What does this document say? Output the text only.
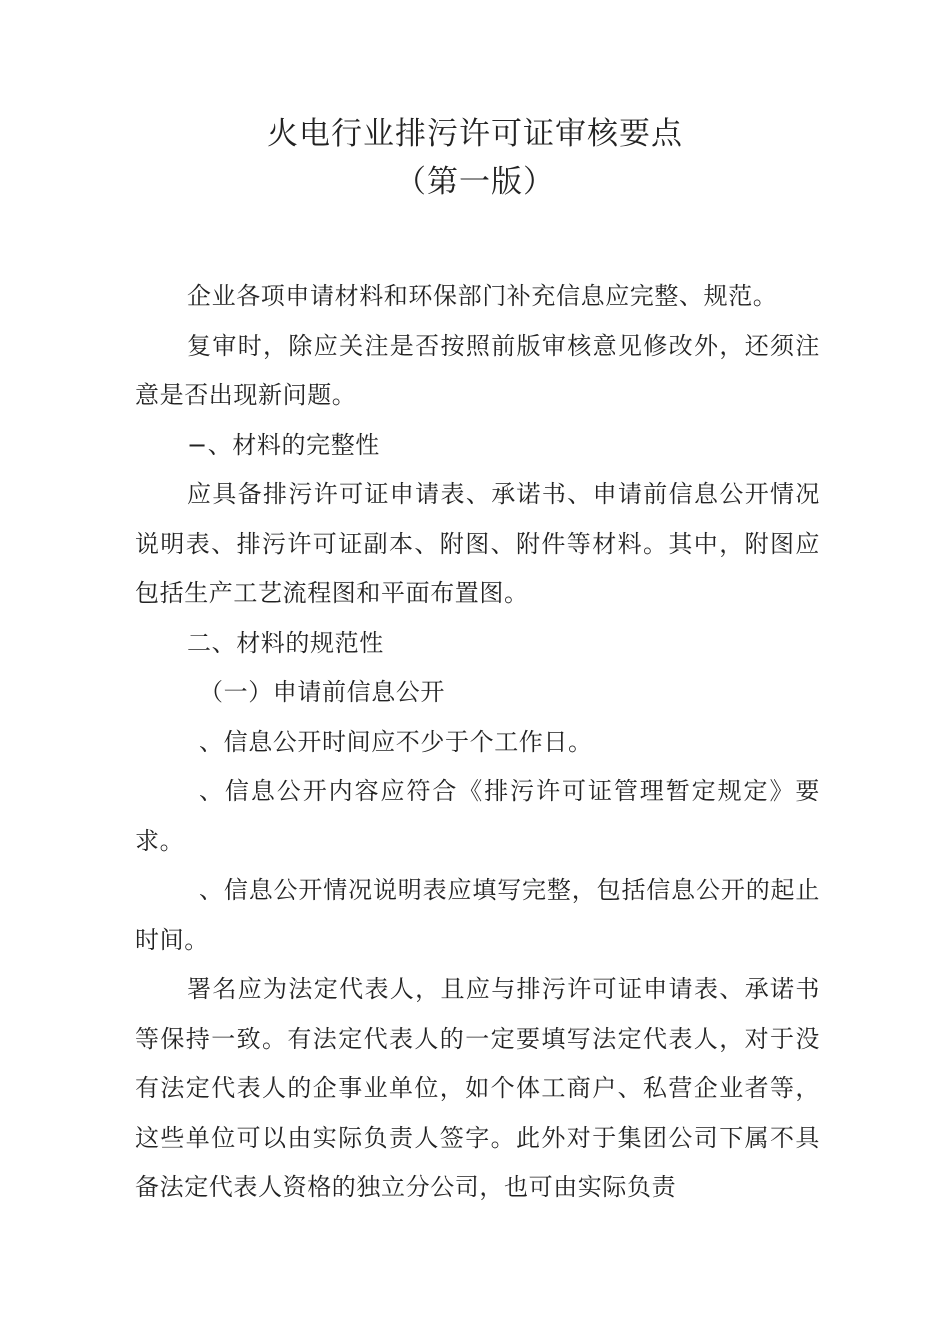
火电行业排污许可证审核要点
（第一版）

企业各项申请材料和环保部门补充信息应完整、规范。

复审时，除应关注是否按照前版审核意见修改外，还须注意是否出现新问题。

−、材料的完整性

应具备排污许可证申请表、承诺书、申请前信息公开情况说明表、排污许可证副本、附图、附件等材料。其中，附图应包括生产工艺流程图和平面布置图。

二、材料的规范性

（一）申请前信息公开

、信息公开时间应不少于个工作日。

、信息公开内容应符合《排污许可证管理暂定规定》要求。

、信息公开情况说明表应填写完整，包括信息公开的起止时间。

署名应为法定代表人，且应与排污许可证申请表、承诺书等保持一致。有法定代表人的一定要填写法定代表人，对于没有法定代表人的企事业单位，如个体工商户、私营企业者等，这些单位可以由实际负责人签字。此外对于集团公司下属不具备法定代表人资格的独立分公司，也可由实际负责
